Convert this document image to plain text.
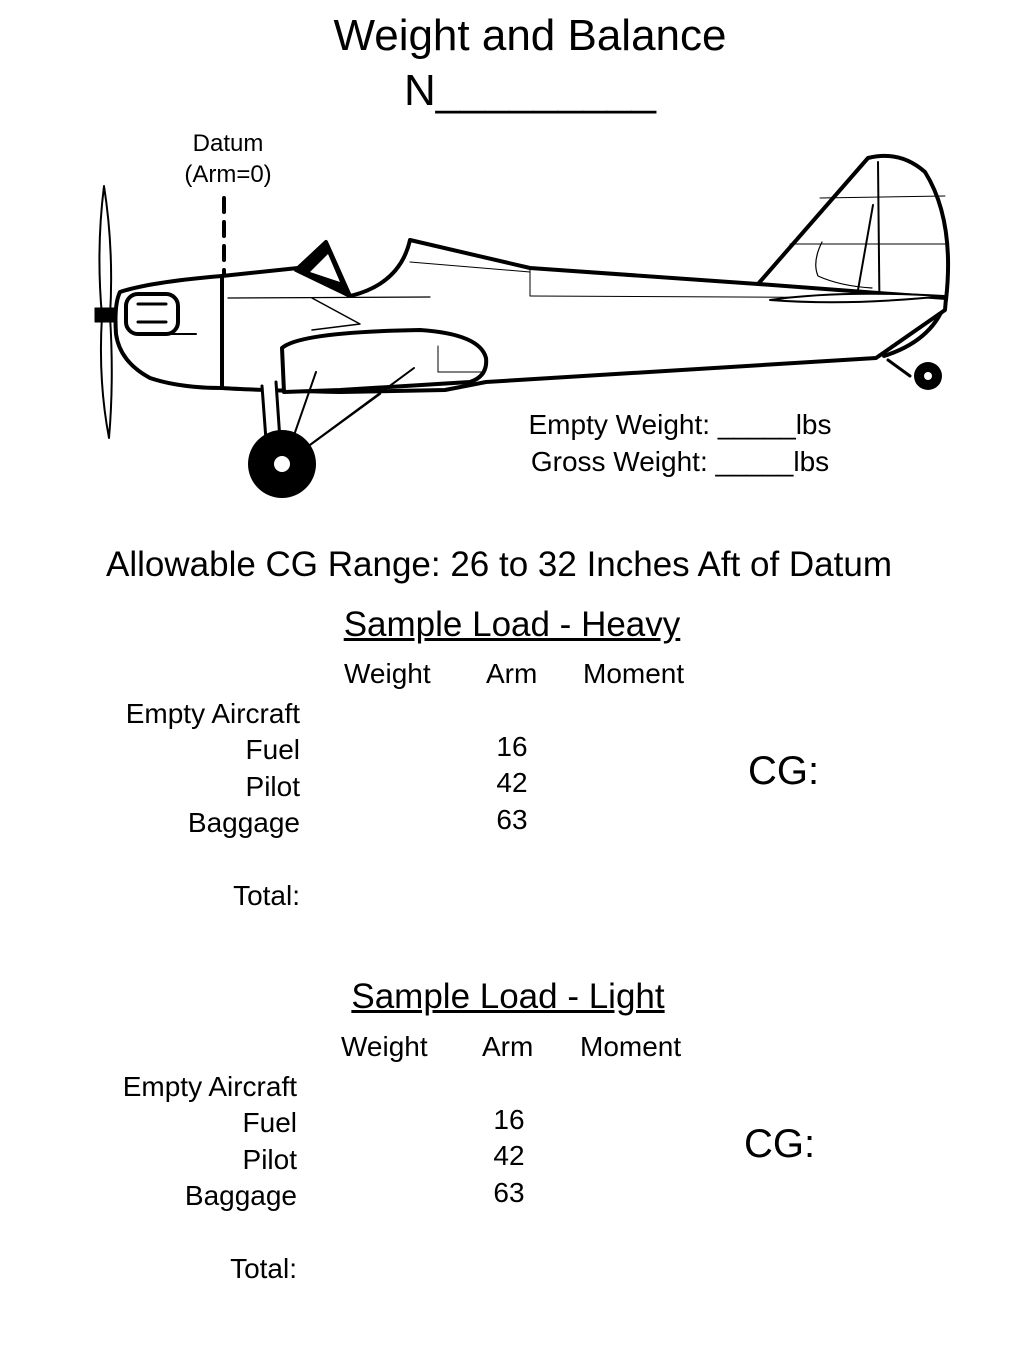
Weight and Balance
N_________
Datum
(Arm=0)
Empty Weight: _____lbs
Gross Weight: _____lbs
Allowable CG Range: 26 to 32 Inches Aft of Datum
Sample Load - Heavy
Weight Arm Moment
Empty Aircraft
Fuel
Pilot
Baggage
Total:
16
42
63
CG:
Sample Load - Light
Weight Arm Moment
Empty Aircraft
Fuel
Pilot
Baggage
Total:
16
42
63
CG:
